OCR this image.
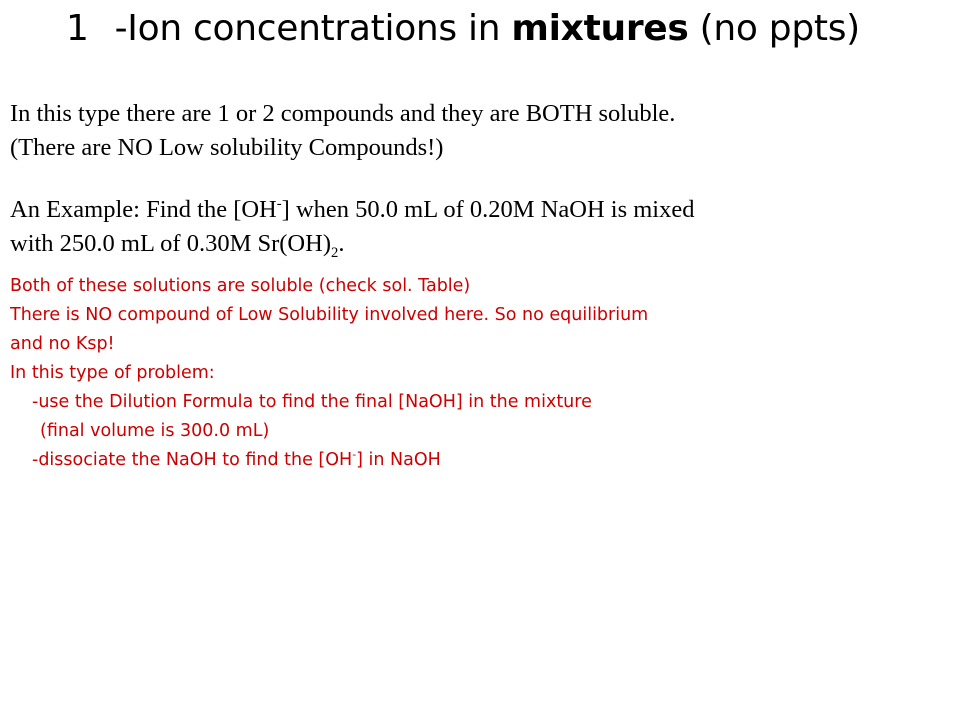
1 -Ion concentrations in mixtures (no ppts)
In this type there are 1 or 2 compounds and they are BOTH soluble.
(There are NO Low solubility Compounds!)
An Example: Find the [OH-] when 50.0 mL of 0.20M NaOH is mixed
with 250.0 mL of 0.30M $Sr(OH)_2$.
Both of these solutions are soluble (check sol. Table)
There is NO compound of Low Solubility involved here. So no equilibrium
and no Ksp!
In this type of problem:
-use the Dilution Formula to find the final [NaOH] in the mixture
(final volume is 300.0 mL)
-dissociate the NaOH to find the [OH-] in NaOH
